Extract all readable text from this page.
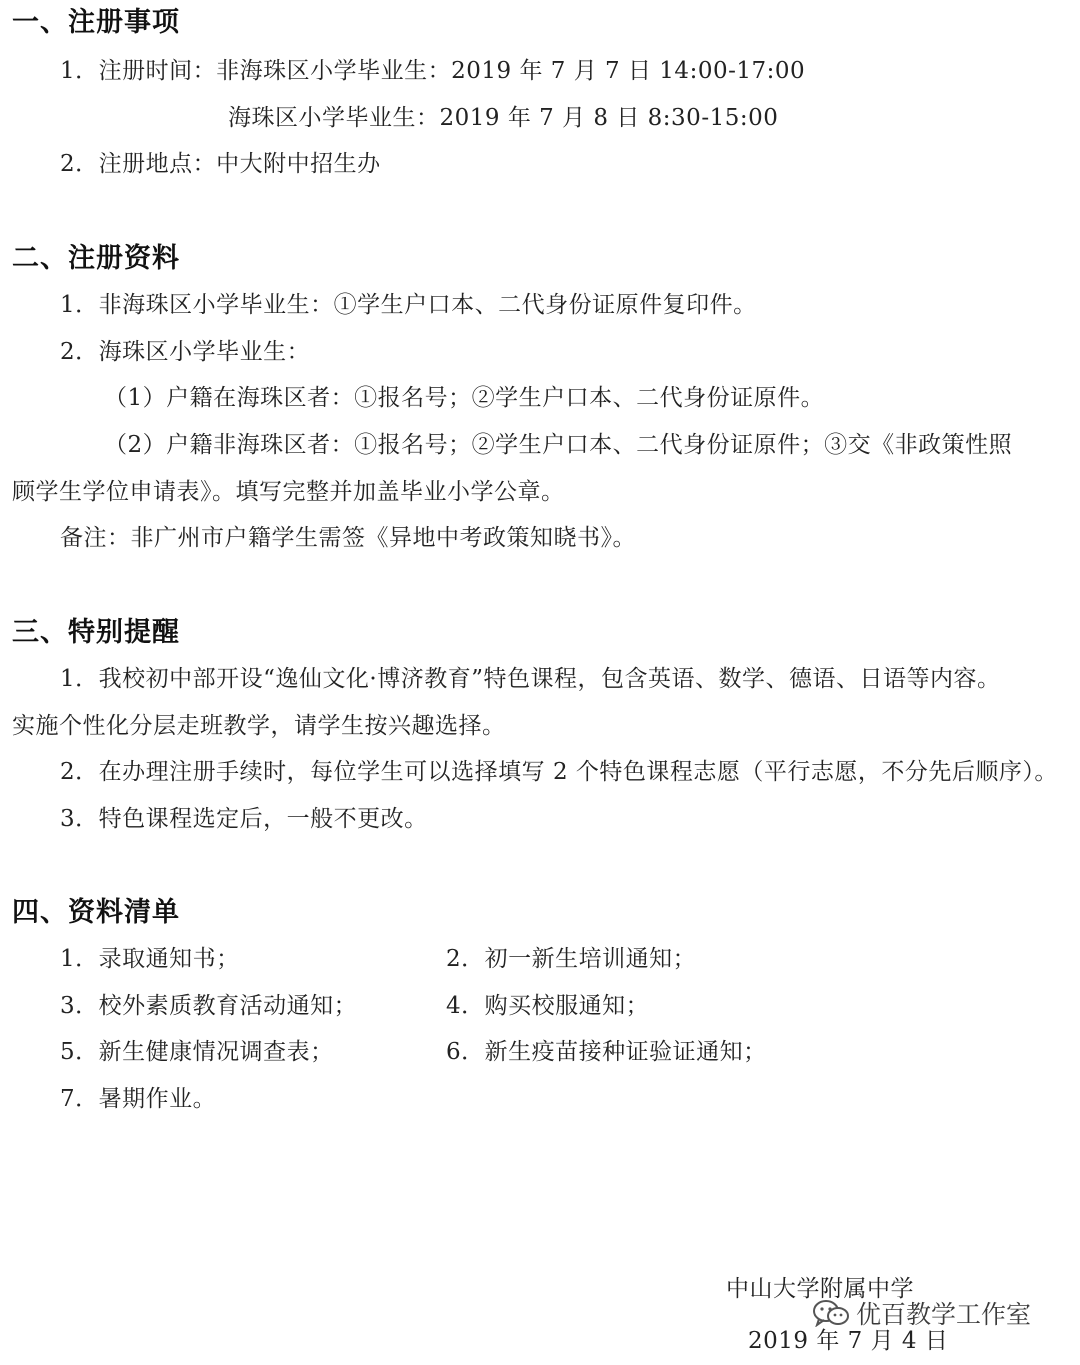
一、注册事项
1．注册时间：非海珠区小学毕业生：2019 年 7 月 7 日 14:00-17:00
海珠区小学毕业生：2019 年 7 月 8 日 8:30-15:00
2．注册地点：中大附中招生办
二、注册资料
1．非海珠区小学毕业生：①学生户口本、二代身份证原件复印件。
2．海珠区小学毕业生：
（1）户籍在海珠区者：①报名号；②学生户口本、二代身份证原件。
（2）户籍非海珠区者：①报名号；②学生户口本、二代身份证原件；③交《非政策性照
顾学生学位申请表》。填写完整并加盖毕业小学公章。
备注：非广州市户籍学生需签《异地中考政策知晓书》。
三、特别提醒
1．我校初中部开设“逸仙文化·博济教育”特色课程，包含英语、数学、德语、日语等内容。
实施个性化分层走班教学，请学生按兴趣选择。
2．在办理注册手续时，每位学生可以选择填写 2 个特色课程志愿（平行志愿，不分先后顺序）。
3．特色课程选定后，一般不更改。
四、资料清单
1．录取通知书；	2．初一新生培训通知；
3．校外素质教育活动通知；	4．购买校服通知；
5．新生健康情况调查表；	6．新生疫苗接种证验证通知；
7．暑期作业。
中山大学附属中学
2019 年 7 月 4 日
优百教学工作室
